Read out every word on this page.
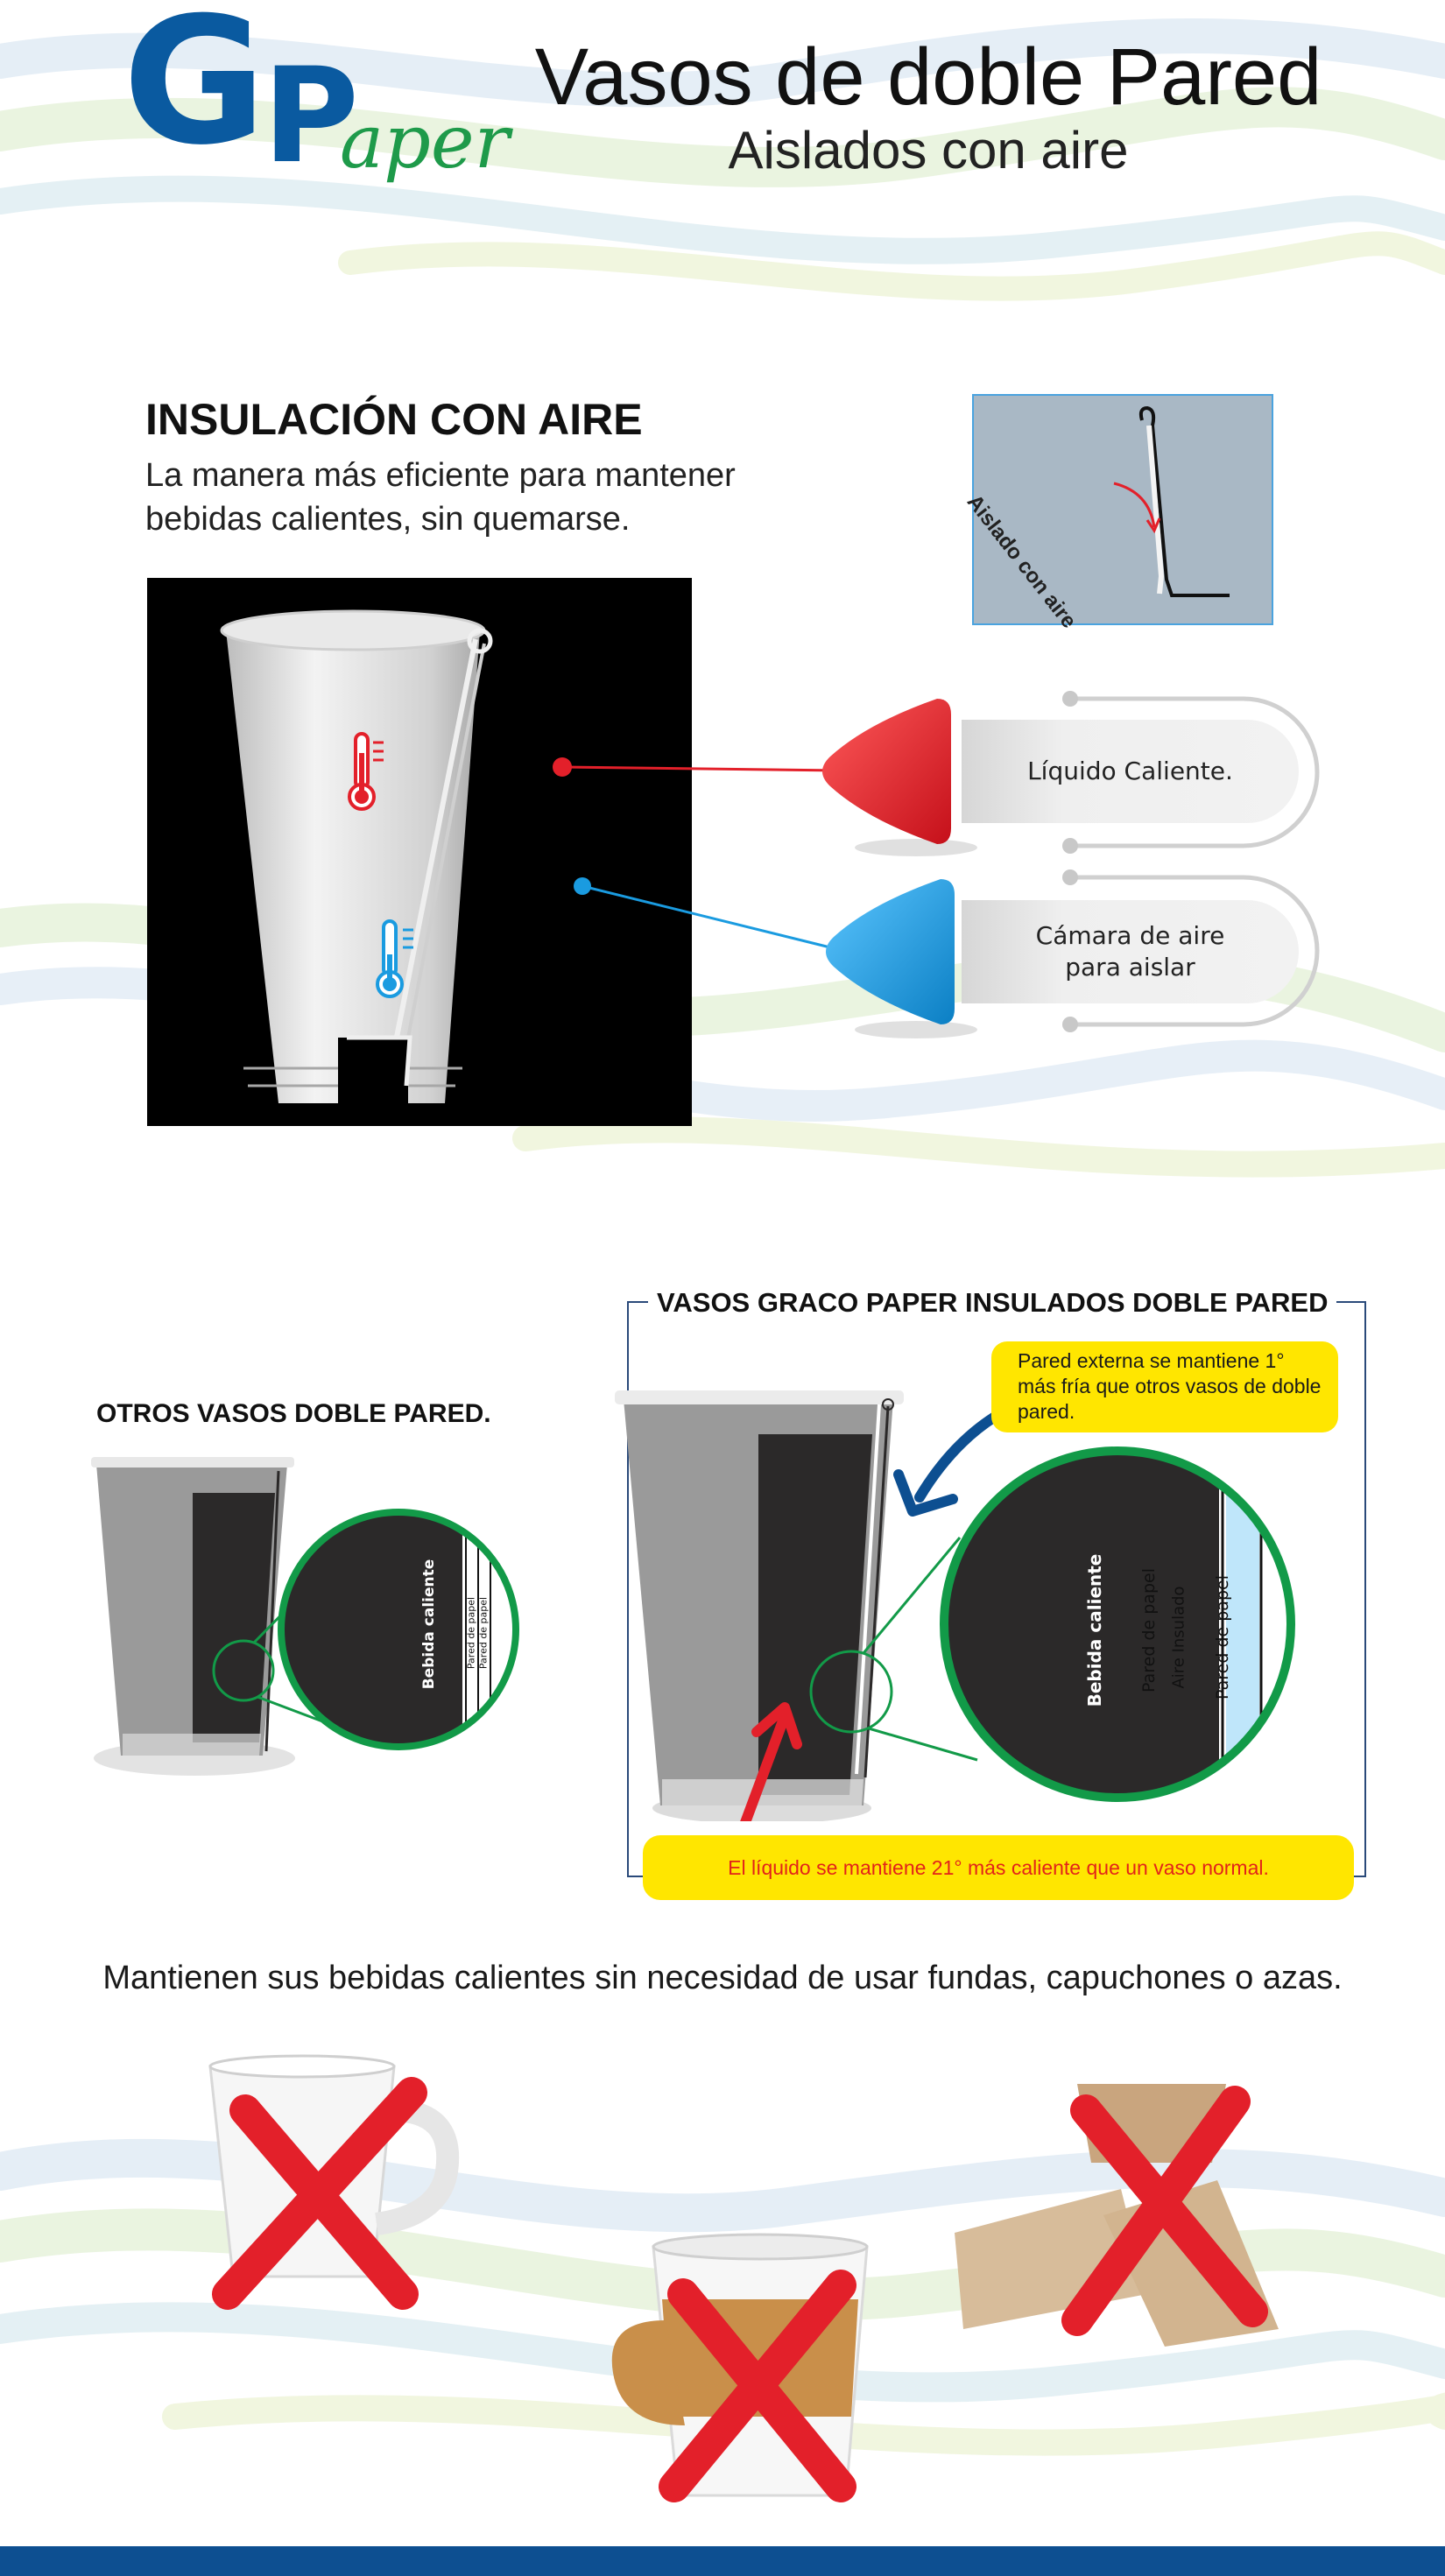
G P
aper
Vasos de doble Pared
Aislados con aire
INSULACIÓN CON AIRE
La manera más eficiente para mantener bebidas calientes, sin quemarse.
Líquido Caliente.
Cámara de aire para aislar
Aislado con aire
OTROS VASOS DOBLE PARED.
Bebida caliente	Pared de papel Pared de papel
VASOS GRACO PAPER INSULADOS DOBLE PARED
Bebida caliente Pared de papel Aire Insulado Pared de papel
Pared externa se mantiene 1° más fría que otros vasos de doble pared.
El líquido se mantiene 21° más caliente que un vaso normal.
Mantienen sus bebidas calientes sin necesidad de usar fundas, capuchones o azas.
